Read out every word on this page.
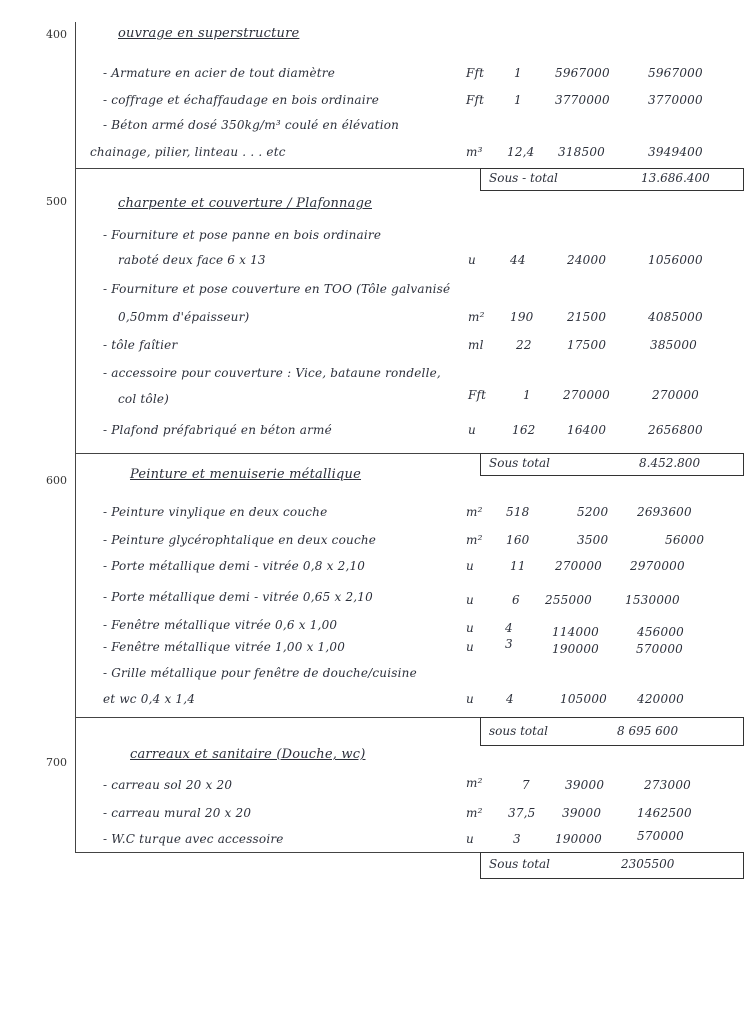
400	ouvrage en superstructure
- Armature en acier de tout diamètre	Fft 1	5967000	5967000
- coffrage et échaffaudage en bois ordinaire	Fft 1	3770000	3770000
- Béton armé dosé 350kg/m³ coulé en élévation
chainage, pilier, linteau . . . etc	m³ 12,4 318500	3949400
Sous - total	13.686.400
500	charpente et couverture / Plafonnage
- Fourniture et pose panne en bois ordinaire
raboté deux face 6 x 13	u	44	24000	1056000
- Fourniture et pose couverture en TOO (Tôle galvanisé
0,50mm d'épaisseur)	m² 190	21500	4085000
- tôle faîtier	ml	22	17500	385000
- accessoire pour couverture : Vice, bataune rondelle,
col tôle)	Fft	1	270000	270000
- Plafond préfabriqué en béton armé	u	162	16400	2656800
Sous total	8.452.800
600	Peinture et menuiserie métallique
- Peinture vinylique en deux couche	m² 518	5200 2693600
- Peinture glycérophtalique en deux couche	m² 160	3500	56000
- Porte métallique demi - vitrée 0,8 x 2,10	u	11 270000 2970000
- Porte métallique demi - vitrée 0,65 x 2,10	u	6 255000	1530000
- Fenêtre métallique vitrée 0,6 x 1,00	u	4	114000	456000
- Fenêtre métallique vitrée 1,00 x 1,00	u	3	190000	570000
- Grille métallique pour fenêtre de douche/cuisine
et wc 0,4 x 1,4	u	4	105000 420000
sous total	8 695 600
700
carreaux et sanitaire (Douche, wc)
- carreau sol 20 x 20	m²	7	39000	273000
- carreau mural 20 x 20	m² 37,5 39000	1462500
- W.C turque avec accessoire	u	3	190000	570000
Sous total	2305500
